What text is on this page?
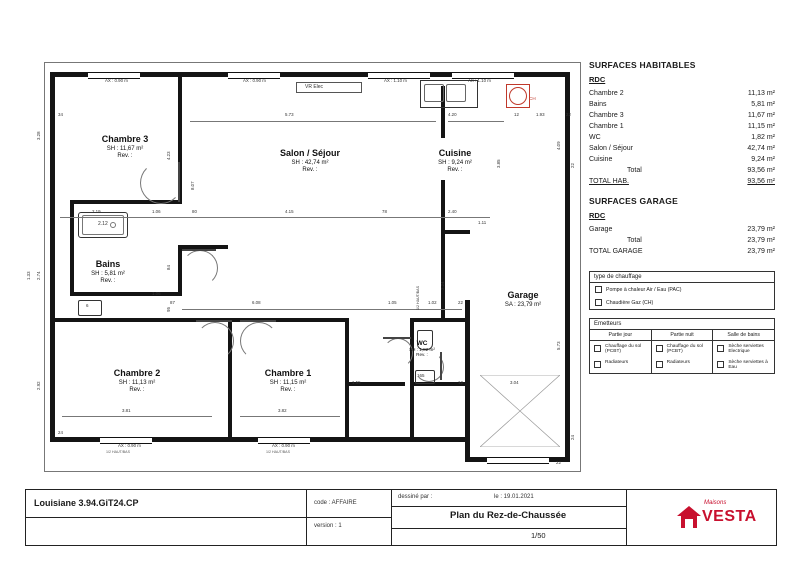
2.12
6
CH
165
Chambre 3
SH : 11,67 m²
Rev. :	Salon / Séjour
SH : 42,74 m²
Rev. :
Cuisine
SH : 9,24 m²
Rev. :
Bains
SH : 5,81 m²
Rev. :
Chambre 2
SH : 11,13 m²
Rev. :
Chambre 1
SH : 11,15 m²
Rev. :
WC
SH : 1,82 m²
Rev. :
Garage
SA : 23,79 m²
VR Elec
AX : 0.90 m	AX : 0.90 m	AX : 1.10 m	AX : 1.10 m
5.73	4.20	1.93	22
2.19	1.06	80	4.15	78	2.40
1.11
1.06
87	6.08	1.05	1.02	22
3.81	3.82
1.55	12	3.04
22
AX : 0.90 m	AX : 0.90 m
1/2 HAUT/BAS	1/2 HAUT/BAS
34
3.28
4.23
8.07
84
2.74
1.33
95
2.92
24
12
3.85
4.09
2.24
5.73
22
24
1/2 HAUT/BAS
SURFACES HABITABLES
RDC
Chambre 2	11,13 m²
Bains	5,81 m²
Chambre 3	11,67 m²
Chambre 1	11,15 m²
WC	1,82 m²
Salon / Séjour	42,74 m²
Cuisine	9,24 m²
Total	93,56 m²
TOTAL HAB.	93,56 m²
SURFACES GARAGE
RDC
Garage	23,79 m²
Total	23,79 m²
TOTAL GARAGE	23,79 m²
type de chauffage
Pompe à chaleur Air / Eau (PAC)
Chaudière Gaz (CH)
Emetteurs
Partie jour
Chauffage du sol (PCBT)
Radiateurs
Partie nuit
Chauffage du sol (PCBT)
Radiateurs
Salle de bains
Sèche serviettes Electrique
Sèche serviettes à Eau
Louisiane 3.94.GiT24.CP	code : AFFAIRE
version : 1
dessiné par :	le : 19.01.2021
Plan du Rez-de-Chaussée
1/50
Maisons
VESTA
